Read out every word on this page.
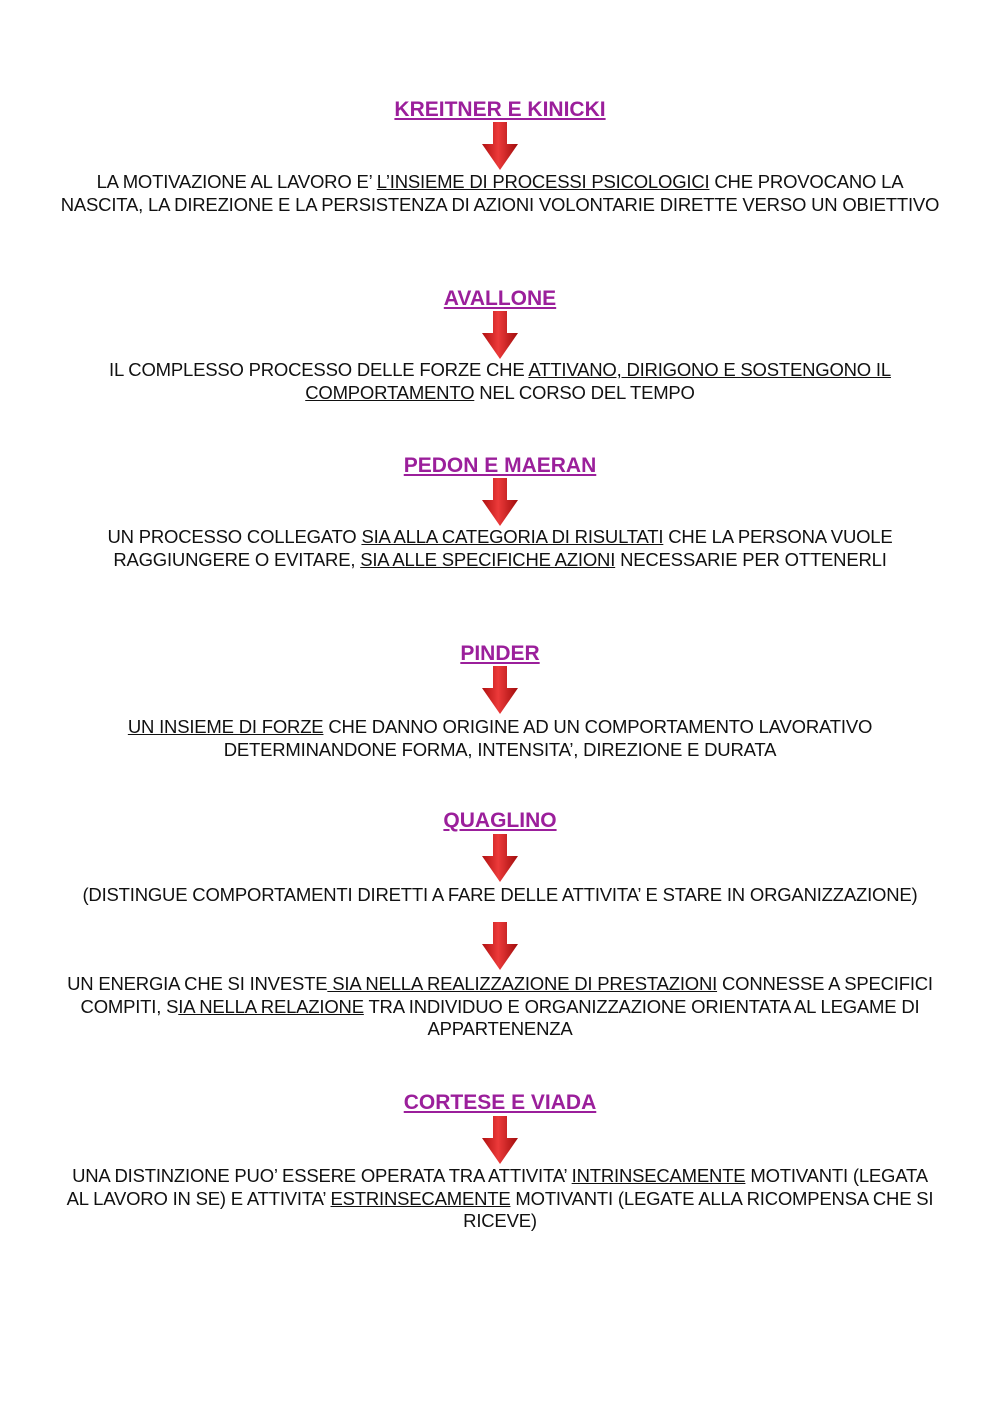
KREITNER E KINICKI
LA MOTIVAZIONE AL LAVORO E’ L’INSIEME DI PROCESSI PSICOLOGICI CHE PROVOCANO LA NASCITA, LA DIREZIONE E LA PERSISTENZA DI AZIONI VOLONTARIE DIRETTE VERSO UN OBIETTIVO
AVALLONE
IL COMPLESSO PROCESSO DELLE FORZE CHE ATTIVANO, DIRIGONO E SOSTENGONO IL COMPORTAMENTO NEL CORSO DEL TEMPO
PEDON E MAERAN
UN PROCESSO COLLEGATO SIA ALLA CATEGORIA DI RISULTATI CHE LA PERSONA VUOLE RAGGIUNGERE O EVITARE, SIA ALLE SPECIFICHE AZIONI NECESSARIE PER OTTENERLI
PINDER
UN INSIEME DI FORZE CHE DANNO ORIGINE AD UN COMPORTAMENTO LAVORATIVO DETERMINANDONE FORMA, INTENSITA’, DIREZIONE E DURATA
QUAGLINO
(DISTINGUE COMPORTAMENTI DIRETTI A FARE DELLE ATTIVITA’ E STARE IN ORGANIZZAZIONE)
UN ENERGIA CHE SI INVESTE SIA NELLA REALIZZAZIONE DI PRESTAZIONI CONNESSE A SPECIFICI COMPITI, SIA NELLA RELAZIONE TRA INDIVIDUO E ORGANIZZAZIONE ORIENTATA AL LEGAME DI APPARTENENZA
CORTESE E VIADA
UNA DISTINZIONE PUO’ ESSERE OPERATA TRA ATTIVITA’ INTRINSECAMENTE MOTIVANTI (LEGATA AL LAVORO IN SE) E ATTIVITA’ ESTRINSECAMENTE MOTIVANTI (LEGATE ALLA RICOMPENSA CHE SI RICEVE)
